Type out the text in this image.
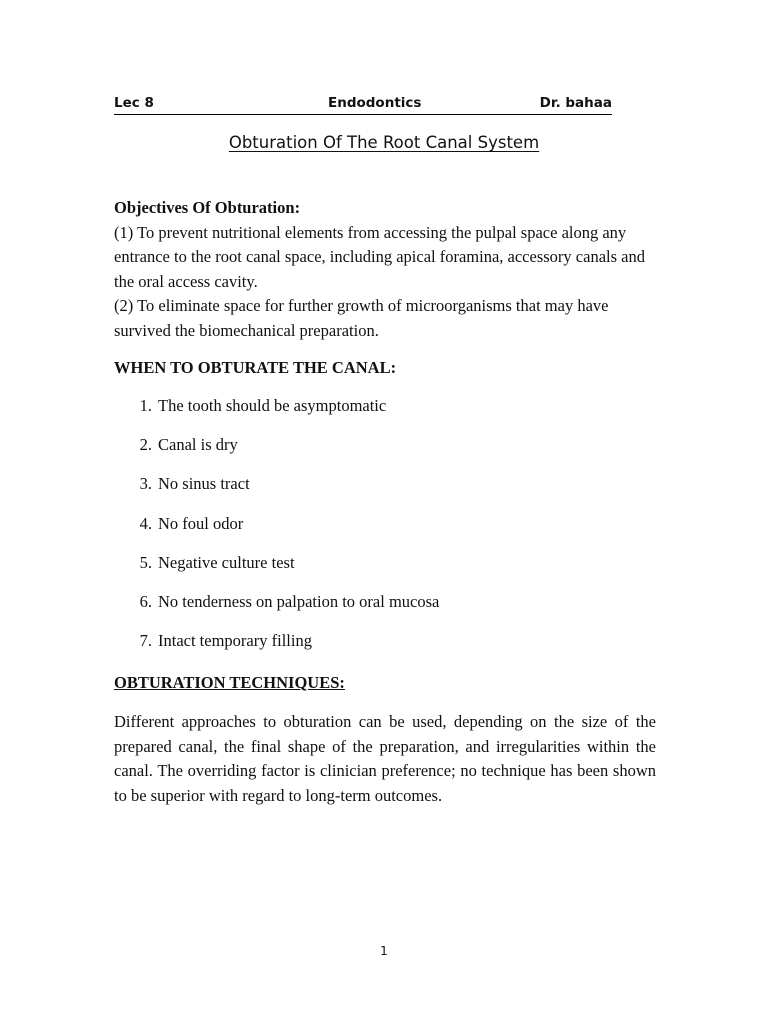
Lec 8	Endodontics	Dr. bahaa
Obturation Of The Root Canal System

Objectives Of Obturation:

(1) To prevent nutritional elements from accessing the pulpal space along any entrance to the root canal space, including apical foramina, accessory canals and the oral access cavity.

(2) To eliminate space for further growth of microorganisms that may have survived the biomechanical preparation.

WHEN TO OBTURATE THE CANAL:
1. The tooth should be asymptomatic
2. Canal is dry
3. No sinus tract
4. No foul odor
5. Negative culture test
6. No tenderness on palpation to oral mucosa
7. Intact temporary filling
OBTURATION TECHNIQUES:

Different approaches to obturation can be used, depending on the size of the prepared canal, the final shape of the preparation, and irregularities within the canal. The overriding factor is clinician preference; no technique has been shown to be superior with regard to long-term outcomes.

1
